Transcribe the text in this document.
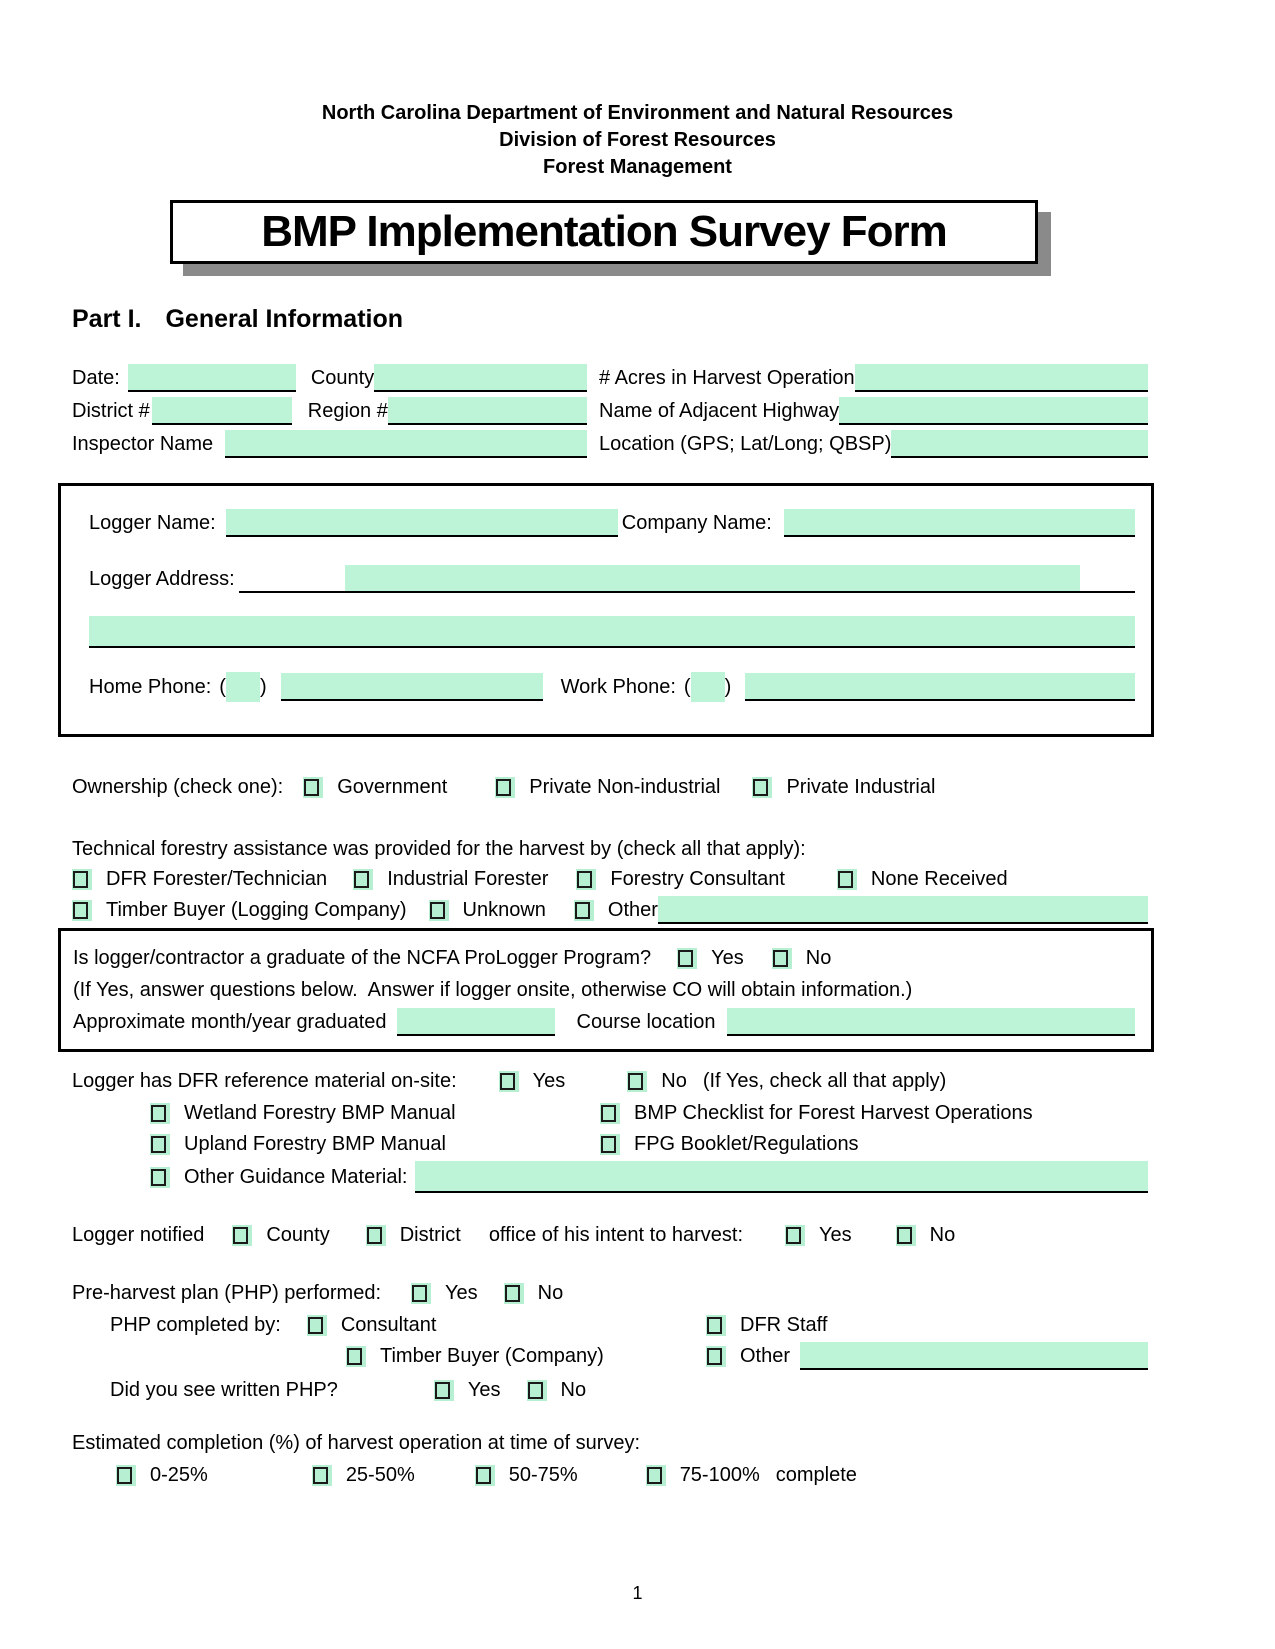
North Carolina Department of Environment and Natural Resources
Division of Forest Resources
Forest Management
BMP Implementation Survey Form
Part I. General Information
Date:	County	# Acres in Harvest Operation
District #	Region #	Name of Adjacent Highway
Inspector Name	Location (GPS; Lat/Long; QBSP)
Logger Name:	Company Name:
Logger Address:
Home Phone: ( )	Work Phone: ( )
Ownership (check one):	Government	Private Non-industrial	Private Industrial
Technical forestry assistance was provided for the harvest by (check all that apply):
DFR Forester/Technician	Industrial Forester	Forestry Consultant	None Received
Timber Buyer (Logging Company)	Unknown	Other
Is logger/contractor a graduate of the NCFA ProLogger Program?	Yes	No
(If Yes, answer questions below.  Answer if logger onsite, otherwise CO will obtain information.)
Approximate month/year graduated	Course location
Logger has DFR reference material on-site:	Yes	No (If Yes, check all that apply)
Wetland Forestry BMP Manual	BMP Checklist for Forest Harvest Operations
Upland Forestry BMP Manual	FPG Booklet/Regulations
Other Guidance Material:
Logger notified	County	District office of his intent to harvest:	Yes	No
Pre-harvest plan (PHP) performed:	Yes	No
PHP completed by:	Consultant	DFR Staff
Timber Buyer (Company)	Other
Did you see written PHP?	Yes	No
Estimated completion (%) of harvest operation at time of survey:
0-25%	25-50%	50-75%	75-100% complete
1
